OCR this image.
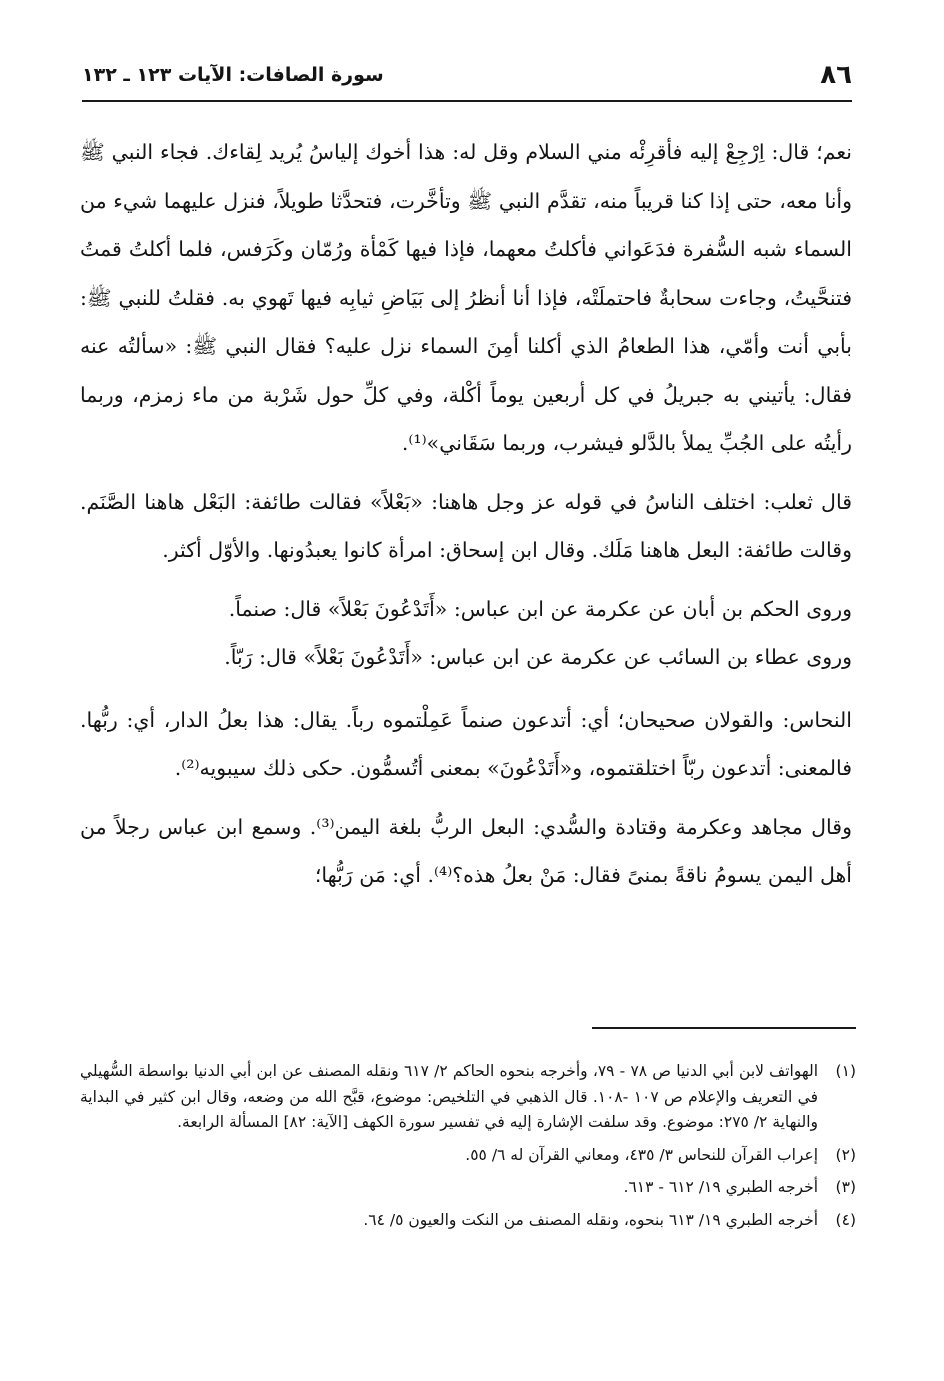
سورة الصافات: الآيات ١٢٣ ـ ١٣٢	٨٦

نعم؛ قال: اِرْجِعْ إليه فأقرِئْه مني السلام وقل له: هذا أخوك إلياسُ يُريد لِقاءك. فجاء النبي ﷺ وأنا معه، حتى إذا كنا قريباً منه، تقدَّم النبي ﷺ وتأخَّرت، فتحدَّثا طويلاً، فنزل عليهما شيء من السماء شبه السُّفرة فدَعَواني فأكلتُ معهما، فإذا فيها كَمْأة ورُمّان وكَرَفس، فلما أكلتُ قمتُ فتنحَّيتُ، وجاءت سحابةٌ فاحتملَتْه، فإذا أنا أنظرُ إلى بَيَاضِ ثيابِه فيها تَهوي به. فقلتُ للنبي ﷺ: بأبي أنت وأمّي، هذا الطعامُ الذي أكلنا أمِنَ السماء نزل عليه؟ فقال النبي ﷺ: «سألتُه عنه فقال: يأتيني به جبريلُ في كل أربعين يوماً أكْلة، وفي كلِّ حول شَرْبة من ماء زمزم، وربما رأيتُه على الجُبِّ يملأ بالدَّلو فيشرب، وربما سَقَاني»⁽¹⁾.

قال ثعلب: اختلف الناسُ في قوله عز وجل هاهنا: «بَعْلاً» فقالت طائفة: البَعْل هاهنا الصَّنَم. وقالت طائفة: البعل هاهنا مَلَك. وقال ابن إسحاق: امرأة كانوا يعبدُونها. والأوّل أكثر.

وروى الحكم بن أبان عن عكرمة عن ابن عباس: «أَتَدْعُونَ بَعْلاً» قال: صنماً.

وروى عطاء بن السائب عن عكرمة عن ابن عباس: «أَتَدْعُونَ بَعْلاً» قال: رَبّاً.

النحاس: والقولان صحيحان؛ أي: أتدعون صنماً عَمِلْتموه رباً. يقال: هذا بعلُ الدار، أي: ربُّها. فالمعنى: أتدعون ربّاً اختلقتموه، و«أَتَدْعُونَ» بمعنى أتُسمُّون. حكى ذلك سيبويه⁽²⁾.

وقال مجاهد وعكرمة وقتادة والسُّدي: البعل الربُّ بلغة اليمن⁽³⁾. وسمع ابن عباس رجلاً من أهل اليمن يسومُ ناقةً بمنىً فقال: مَنْ بعلُ هذه؟⁽⁴⁾. أي: مَن رَبُّها؛

(١)
الهواتف لابن أبي الدنيا ص ٧٨ - ٧٩، وأخرجه بنحوه الحاكم ٢/ ٦١٧ ونقله المصنف عن ابن أبي الدنيا بواسطة السُّهيلي في التعريف والإعلام ص ١٠٧ -١٠٨. قال الذهبي في التلخيص: موضوع، قبَّح الله من وضعه، وقال ابن كثير في البداية والنهاية ٢/ ٢٧٥: موضوع. وقد سلفت الإشارة إليه في تفسير سورة الكهف [الآية: ٨٢] المسألة الرابعة.
(٢)
إعراب القرآن للنحاس ٣/ ٤٣٥، ومعاني القرآن له ٦/ ٥٥.
(٣)
أخرجه الطبري ١٩/ ٦١٢ - ٦١٣.
(٤)
أخرجه الطبري ١٩/ ٦١٣ بنحوه، ونقله المصنف من النكت والعيون ٥/ ٦٤.
